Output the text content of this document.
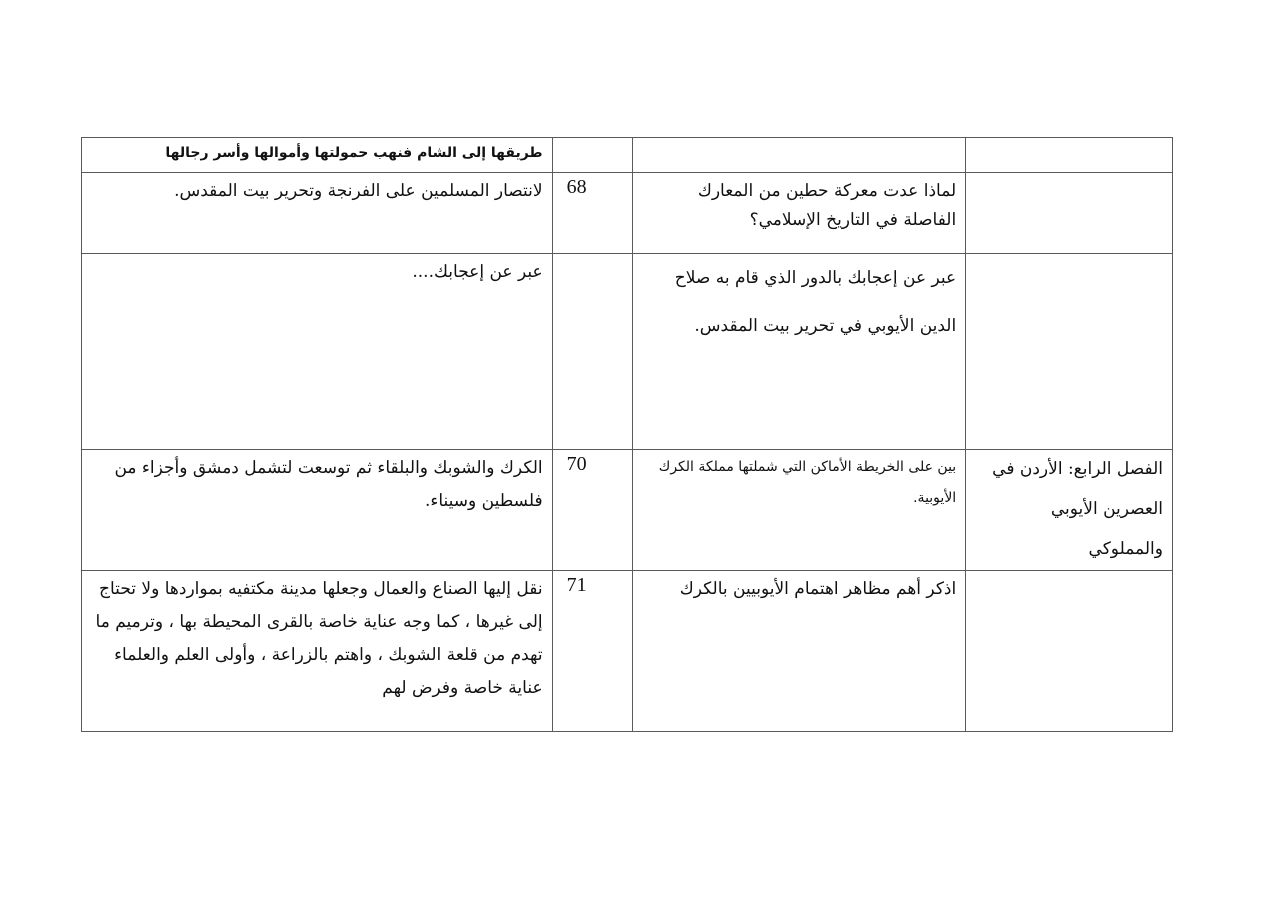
			طريقها إلى الشام فنهب حمولتها وأموالها وأسر رجالها
	لماذا عدت معركة حطين من المعارك الفاصلة في التاريخ الإسلامي؟	68	لانتصار المسلمين على الفرنجة وتحرير بيت المقدس.
	عبر عن إعجابك بالدور الذي قام به صلاح الدين الأيوبي في تحرير بيت المقدس.		عبر عن إعجابك....
الفصل الرابع: الأردن في العصرين الأيوبي والمملوكي	بين على الخريطة الأماكن التي شملتها مملكة الكرك الأيوبية.	70	الكرك والشوبك والبلقاء ثم توسعت لتشمل دمشق وأجزاء من فلسطين وسيناء.
	اذكر أهم مظاهر اهتمام الأيوبيين بالكرك	71	نقل إليها الصناع والعمال وجعلها مدينة مكتفيه بمواردها ولا تحتاج إلى غيرها ، كما وجه عناية خاصة بالقرى المحيطة بها ، وترميم ما تهدم من قلعة الشوبك ، واهتم بالزراعة ، وأولى العلم والعلماء عناية خاصة وفرض لهم
